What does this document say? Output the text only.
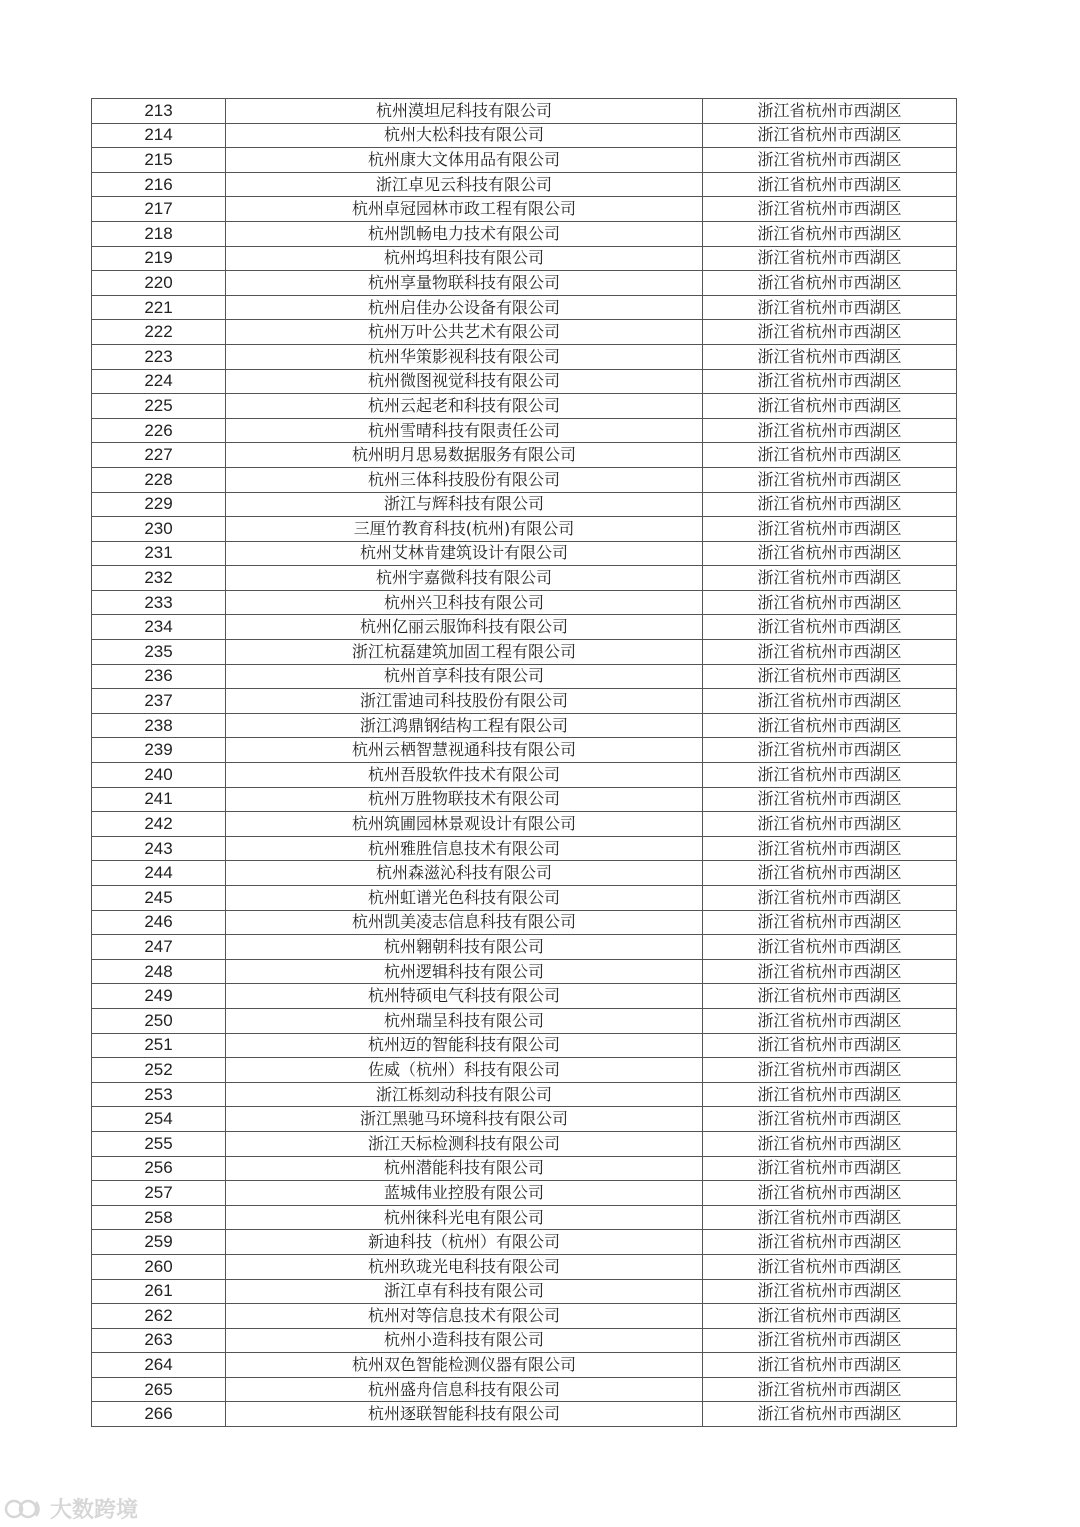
213	杭州漠坦尼科技有限公司	浙江省杭州市西湖区
214	杭州大松科技有限公司	浙江省杭州市西湖区
215	杭州康大文体用品有限公司	浙江省杭州市西湖区
216	浙江卓见云科技有限公司	浙江省杭州市西湖区
217	杭州卓冠园林市政工程有限公司	浙江省杭州市西湖区
218	杭州凯畅电力技术有限公司	浙江省杭州市西湖区
219	杭州坞坦科技有限公司	浙江省杭州市西湖区
220	杭州享量物联科技有限公司	浙江省杭州市西湖区
221	杭州启佳办公设备有限公司	浙江省杭州市西湖区
222	杭州万叶公共艺术有限公司	浙江省杭州市西湖区
223	杭州华策影视科技有限公司	浙江省杭州市西湖区
224	杭州微图视觉科技有限公司	浙江省杭州市西湖区
225	杭州云起老和科技有限公司	浙江省杭州市西湖区
226	杭州雪晴科技有限责任公司	浙江省杭州市西湖区
227	杭州明月思易数据服务有限公司	浙江省杭州市西湖区
228	杭州三体科技股份有限公司	浙江省杭州市西湖区
229	浙江与辉科技有限公司	浙江省杭州市西湖区
230	三厘竹教育科技(杭州)有限公司	浙江省杭州市西湖区
231	杭州艾林肯建筑设计有限公司	浙江省杭州市西湖区
232	杭州宇嘉微科技有限公司	浙江省杭州市西湖区
233	杭州兴卫科技有限公司	浙江省杭州市西湖区
234	杭州亿丽云服饰科技有限公司	浙江省杭州市西湖区
235	浙江杭磊建筑加固工程有限公司	浙江省杭州市西湖区
236	杭州首享科技有限公司	浙江省杭州市西湖区
237	浙江雷迪司科技股份有限公司	浙江省杭州市西湖区
238	浙江鸿鼎钢结构工程有限公司	浙江省杭州市西湖区
239	杭州云栖智慧视通科技有限公司	浙江省杭州市西湖区
240	杭州吾股软件技术有限公司	浙江省杭州市西湖区
241	杭州万胜物联技术有限公司	浙江省杭州市西湖区
242	杭州筑圃园林景观设计有限公司	浙江省杭州市西湖区
243	杭州雅胜信息技术有限公司	浙江省杭州市西湖区
244	杭州森滋沁科技有限公司	浙江省杭州市西湖区
245	杭州虹谱光色科技有限公司	浙江省杭州市西湖区
246	杭州凯美凌志信息科技有限公司	浙江省杭州市西湖区
247	杭州翱朝科技有限公司	浙江省杭州市西湖区
248	杭州逻辑科技有限公司	浙江省杭州市西湖区
249	杭州特硕电气科技有限公司	浙江省杭州市西湖区
250	杭州瑞呈科技有限公司	浙江省杭州市西湖区
251	杭州迈的智能科技有限公司	浙江省杭州市西湖区
252	佐威（杭州）科技有限公司	浙江省杭州市西湖区
253	浙江栎刻动科技有限公司	浙江省杭州市西湖区
254	浙江黑驰马环境科技有限公司	浙江省杭州市西湖区
255	浙江天标检测科技有限公司	浙江省杭州市西湖区
256	杭州潜能科技有限公司	浙江省杭州市西湖区
257	蓝城伟业控股有限公司	浙江省杭州市西湖区
258	杭州徕科光电有限公司	浙江省杭州市西湖区
259	新迪科技（杭州）有限公司	浙江省杭州市西湖区
260	杭州玖珑光电科技有限公司	浙江省杭州市西湖区
261	浙江卓有科技有限公司	浙江省杭州市西湖区
262	杭州对等信息技术有限公司	浙江省杭州市西湖区
263	杭州小造科技有限公司	浙江省杭州市西湖区
264	杭州双色智能检测仪器有限公司	浙江省杭州市西湖区
265	杭州盛舟信息科技有限公司	浙江省杭州市西湖区
266	杭州逐联智能科技有限公司	浙江省杭州市西湖区
大数跨境
